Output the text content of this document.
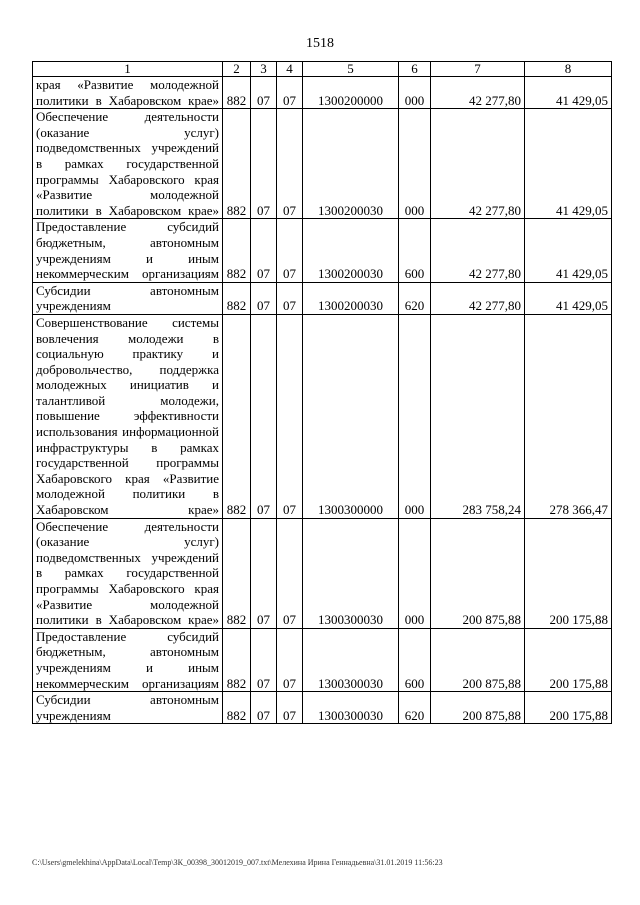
1518
1	2	3	4	5	6	7	8
края «Развитие молодежной политики в Хабаровском крае»	882	07	07	1300200000	000	42 277,80	41 429,05
Обеспечение деятельности (оказание услуг) подведомственных учреждений в рамках государственной программы Хабаровского края «Развитие молодежной политики в Хабаровском крае»	882	07	07	1300200030	000	42 277,80	41 429,05
Предоставление субсидий бюджетным, автономным учреждениям и иным некоммерческим организациям	882	07	07	1300200030	600	42 277,80	41 429,05
Субсидии автономным учреждениям	882	07	07	1300200030	620	42 277,80	41 429,05
Совершенствование системы вовлечения молодежи в социальную практику и добровольчество, поддержка молодежных инициатив и талантливой молодежи, повышение эффективности использования информационной инфраструктуры в рамках государственной программы Хабаровского края «Развитие молодежной политики в Хабаровском крае»	882	07	07	1300300000	000	283 758,24	278 366,47
Обеспечение деятельности (оказание услуг) подведомственных учреждений в рамках государственной программы Хабаровского края «Развитие молодежной политики в Хабаровском крае»	882	07	07	1300300030	000	200 875,88	200 175,88
Предоставление субсидий бюджетным, автономным учреждениям и иным некоммерческим организациям	882	07	07	1300300030	600	200 875,88	200 175,88
Субсидии автономным учреждениям	882	07	07	1300300030	620	200 875,88	200 175,88
C:\Users\gmelekhina\AppData\Local\Temp\ЗК_00398_30012019_007.txt\Мелехина Ирина Геннадьевна\31.01.2019 11:56:23
